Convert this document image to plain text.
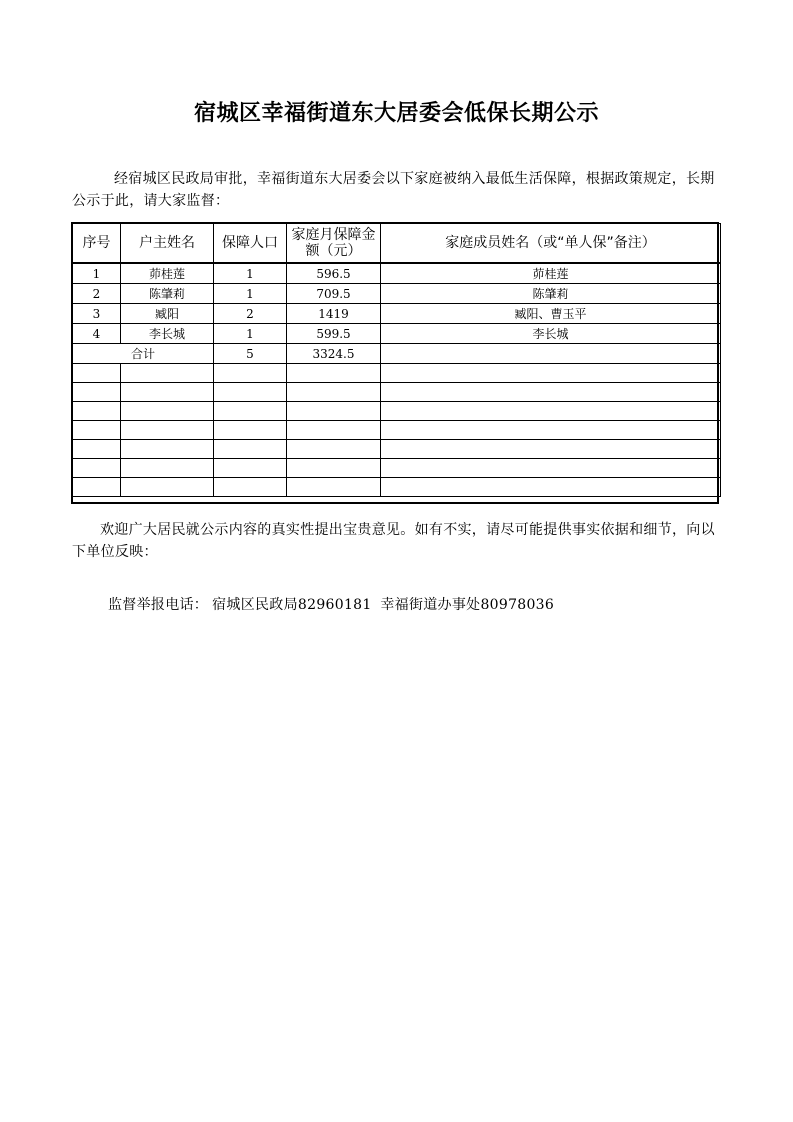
宿城区幸福街道东大居委会低保长期公示

经宿城区民政局审批，幸福街道东大居委会以下家庭被纳入最低生活保障，根据政策规定，长期公示于此，请大家监督：

序号	户主姓名	保障人口	家庭月保障金额（元）	家庭成员姓名（或“单人保”备注）
1	茆桂莲	1	596.5	茆桂莲
2	陈肇莉	1	709.5	陈肇莉
3	臧阳	2	1419	臧阳、曹玉平
4	李长城	1	599.5	李长城
合计		5	3324.5	

欢迎广大居民就公示内容的真实性提出宝贵意见。如有不实，请尽可能提供事实依据和细节，向以下单位反映：

监督举报电话： 宿城区民政局82960181 幸福街道办事处80978036
